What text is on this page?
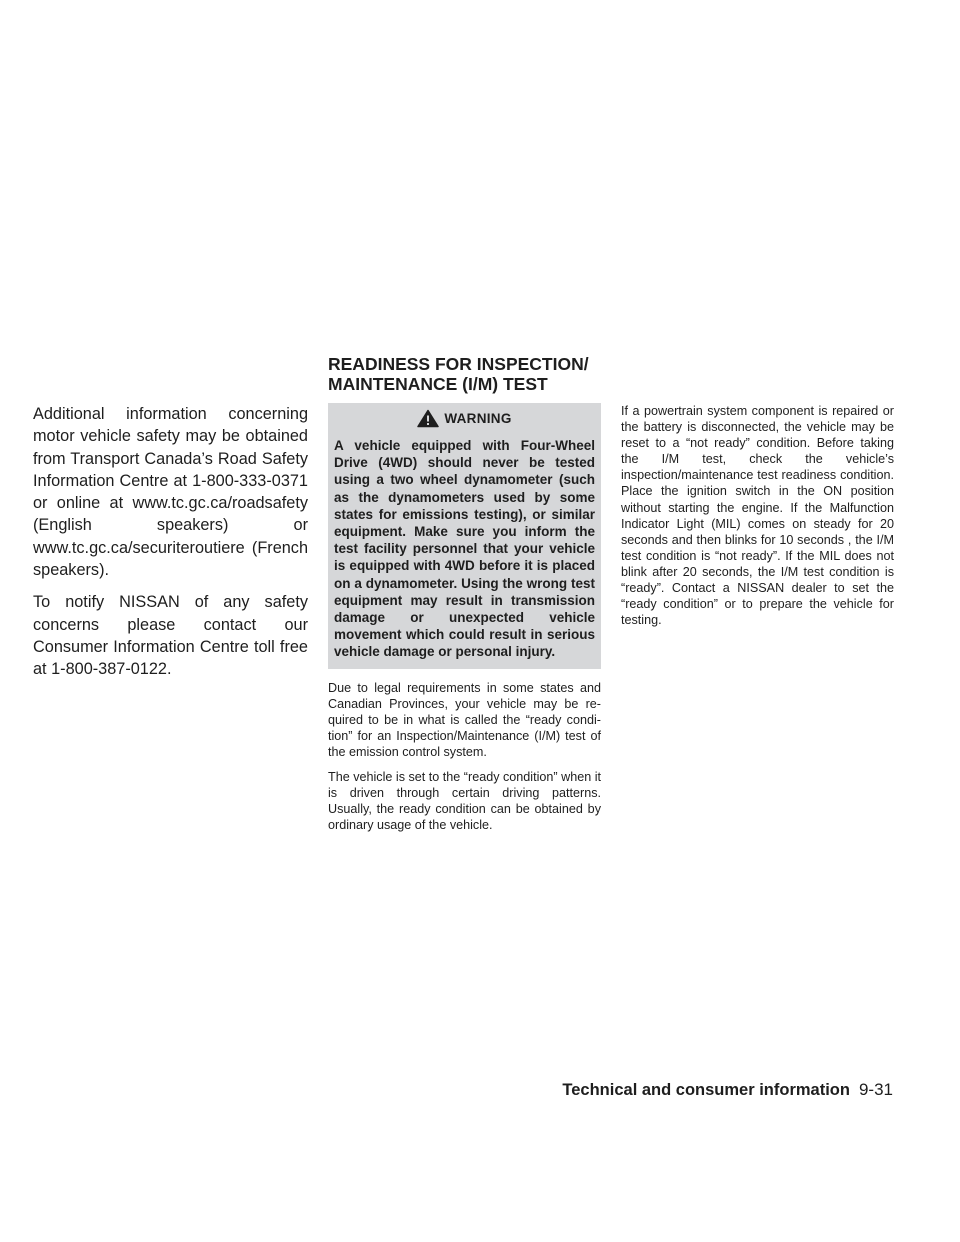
Additional information concerning motor vehicle safety may be obtained from Transport Canada’s Road Safety Information Centre at 1-800-333-0371 or online at www.tc.gc.ca/roadsafety (English speakers) or www.tc.gc.ca/securiteroutiere (French speakers).

To notify NISSAN of any safety concerns please contact our Consumer Information Centre toll free at 1-800-387-0122.

READINESS FOR INSPECTION/
MAINTENANCE (I/M) TEST
WARNING
A vehicle equipped with Four-Wheel Drive (4WD) should never be tested using a two wheel dynamometer (such as the dynamometers used by some states for emissions testing), or similar equipment. Make sure you inform the test facility personnel that your vehicle is equipped with 4WD before it is placed on a dynamometer. Using the wrong test equipment may result in transmission damage or unexpected vehicle movement which could result in serious vehicle damage or personal injury.

Due to legal requirements in some states and Canadian Provinces, your vehicle may be required to be in what is called the “ready condition” for an Inspection/Maintenance (I/M) test of the emission control system.

The vehicle is set to the “ready condition” when it is driven through certain driving patterns. Usually, the ready condition can be obtained by ordinary usage of the vehicle.

If a powertrain system component is repaired or the battery is disconnected, the vehicle may be reset to a “not ready” condition. Before taking the I/M test, check the vehicle’s inspection/maintenance test readiness condition. Place the ignition switch in the ON position without starting the engine. If the Malfunction Indicator Light (MIL) comes on steady for 20 seconds and then blinks for 10 seconds , the I/M test condition is “not ready”. If the MIL does not blink after 20 seconds, the I/M test condition is “ready”. Contact a NISSAN dealer to set the “ready condition” or to prepare the vehicle for testing.

Technical and consumer information 9-31
